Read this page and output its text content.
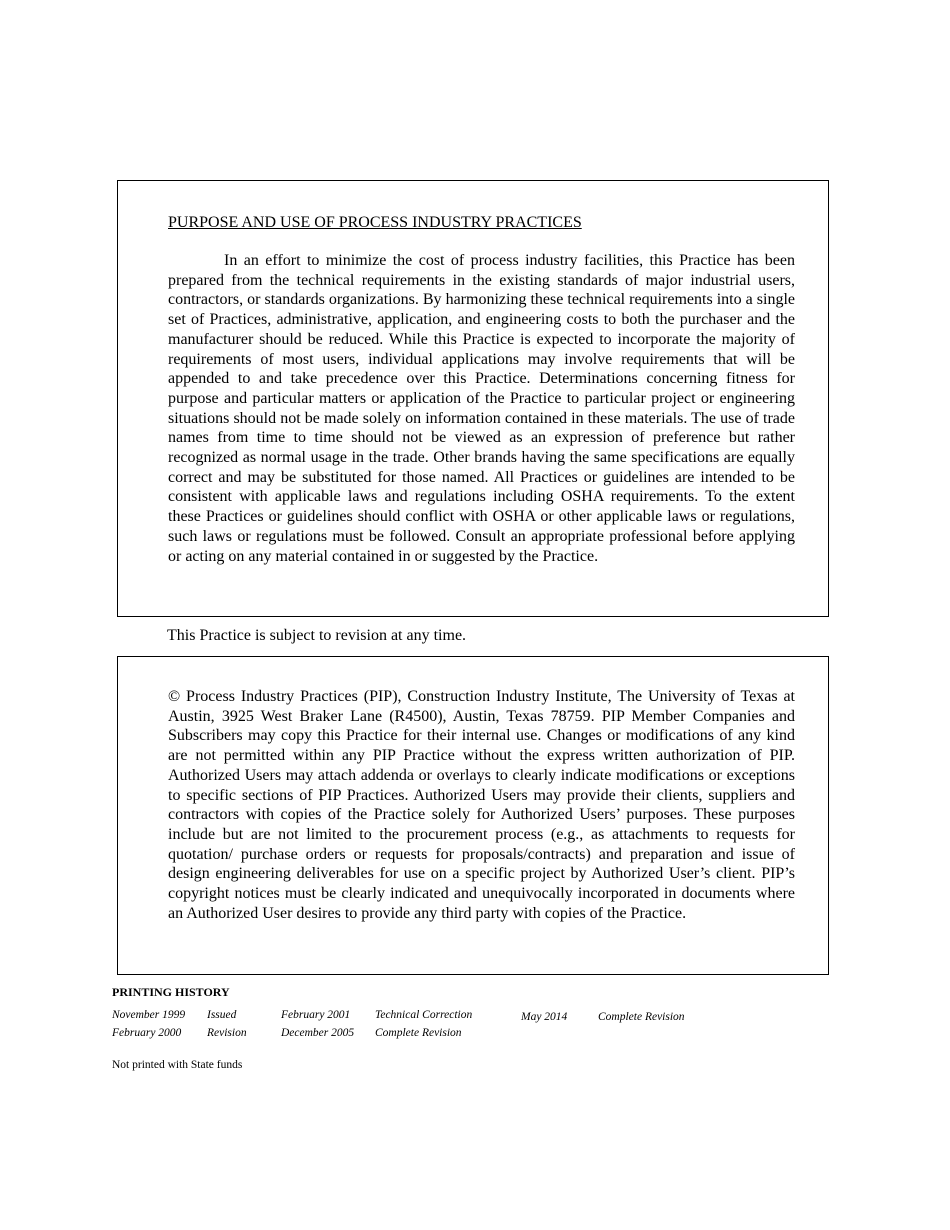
PURPOSE AND USE OF PROCESS INDUSTRY PRACTICES

In an effort to minimize the cost of process industry facilities, this Practice has been prepared from the technical requirements in the existing standards of major industrial users, contractors, or standards organizations. By harmonizing these technical requirements into a single set of Practices, administrative, application, and engineering costs to both the purchaser and the manufacturer should be reduced. While this Practice is expected to incorporate the majority of requirements of most users, individual applications may involve requirements that will be appended to and take precedence over this Practice. Determinations concerning fitness for purpose and particular matters or application of the Practice to particular project or engineering situations should not be made solely on information contained in these materials. The use of trade names from time to time should not be viewed as an expression of preference but rather recognized as normal usage in the trade. Other brands having the same specifications are equally correct and may be substituted for those named. All Practices or guidelines are intended to be consistent with applicable laws and regulations including OSHA requirements. To the extent these Practices or guidelines should conflict with OSHA or other applicable laws or regulations, such laws or regulations must be followed. Consult an appropriate professional before applying or acting on any material contained in or suggested by the Practice.

This Practice is subject to revision at any time.

© Process Industry Practices (PIP), Construction Industry Institute, The University of Texas at Austin, 3925 West Braker Lane (R4500), Austin, Texas 78759. PIP Member Companies and Subscribers may copy this Practice for their internal use. Changes or modifications of any kind are not permitted within any PIP Practice without the express written authorization of PIP. Authorized Users may attach addenda or overlays to clearly indicate modifications or exceptions to specific sections of PIP Practices. Authorized Users may provide their clients, suppliers and contractors with copies of the Practice solely for Authorized Users’ purposes. These purposes include but are not limited to the procurement process (e.g., as attachments to requests for quotation/ purchase orders or requests for proposals/contracts) and preparation and issue of design engineering deliverables for use on a specific project by Authorized User’s client. PIP’s copyright notices must be clearly indicated and unequivocally incorporated in documents where an Authorized User desires to provide any third party with copies of the Practice.

PRINTING HISTORY
November 1999 Issued
February 2000 Revision
February 2001 Technical Correction
December 2005 Complete Revision
May 2014	Complete Revision
Not printed with State funds
